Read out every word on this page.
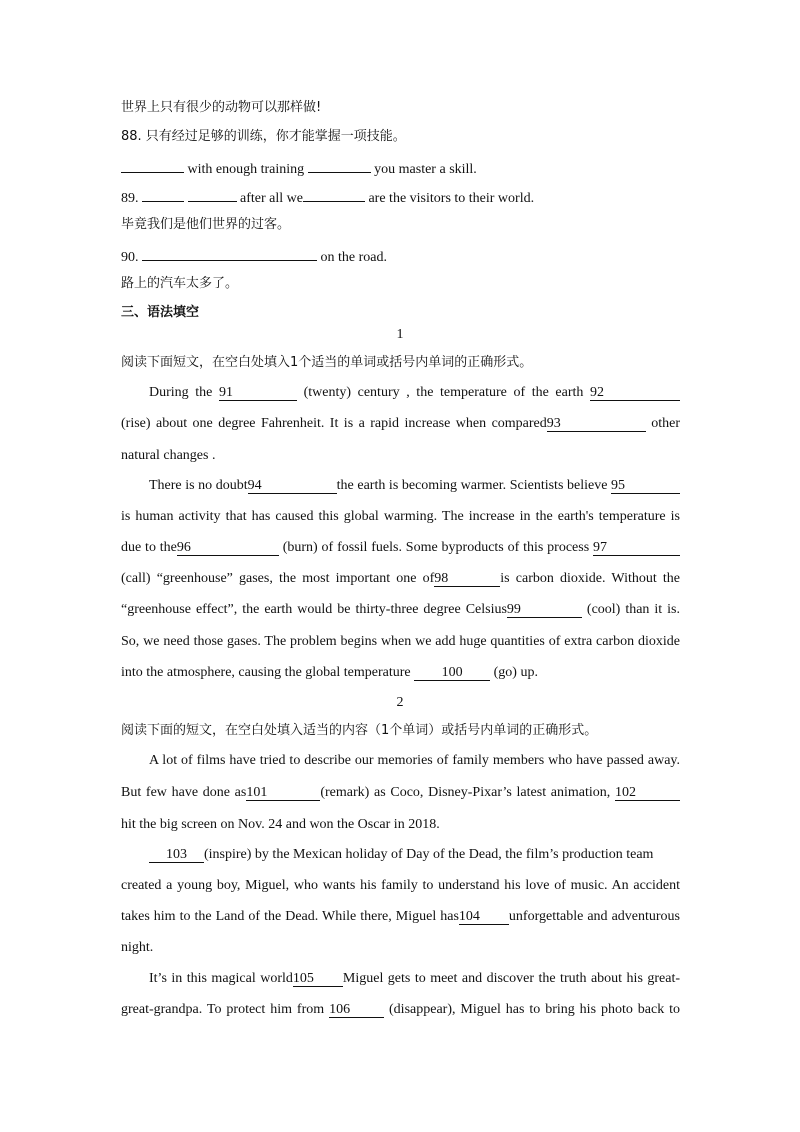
世界上只有很少的动物可以那样做!
88. 只有经过足够的训练，你才能掌握一项技能。
with enough training	you master a skill.
89.	after all we	are the visitors to their world.
毕竟我们是他们世界的过客。
90.	on the road.
路上的汽车太多了。
三、语法填空
1
阅读下面短文，在空白处填入1个适当的单词或括号内单词的正确形式。
During the 91	(twenty) century , the temperature of the earth 92
(rise) about one degree Fahrenheit. It is a rapid increase when compared93	other
natural changes .
There is no doubt94	the earth is becoming warmer. Scientists believe 95
is human activity that has caused this global warming. The increase in the earth's temperature is
due to the96	(burn) of fossil fuels. Some byproducts of this process 97
(call) “greenhouse” gases, the most important one of98	is carbon dioxide. Without the
“greenhouse effect”, the earth would be thirty-three degree Celsius99	(cool) than it is.
So, we need those gases. The problem begins when we add huge quantities of extra carbon dioxide
into the atmosphere, causing the global temperature 100 (go) up.
2
阅读下面的短文，在空白处填入适当的内容（1个单词）或括号内单词的正确形式。
A lot of films have tried to describe our memories of family members who have passed away.
But few have done as101	(remark) as Coco, Disney-Pixar’s latest animation, 102
hit the big screen on Nov. 24 and won the Oscar in 2018.
103 (inspire) by the Mexican holiday of Day of the Dead, the film’s production team
created a young boy, Miguel, who wants his family to understand his love of music. An accident
takes him to the Land of the Dead. While there, Miguel has104 unforgettable and adventurous
night.
It’s in this magical world105 Miguel gets to meet and discover the truth about his great-
great-grandpa. To protect him from 106	(disappear), Miguel has to bring his photo back to
